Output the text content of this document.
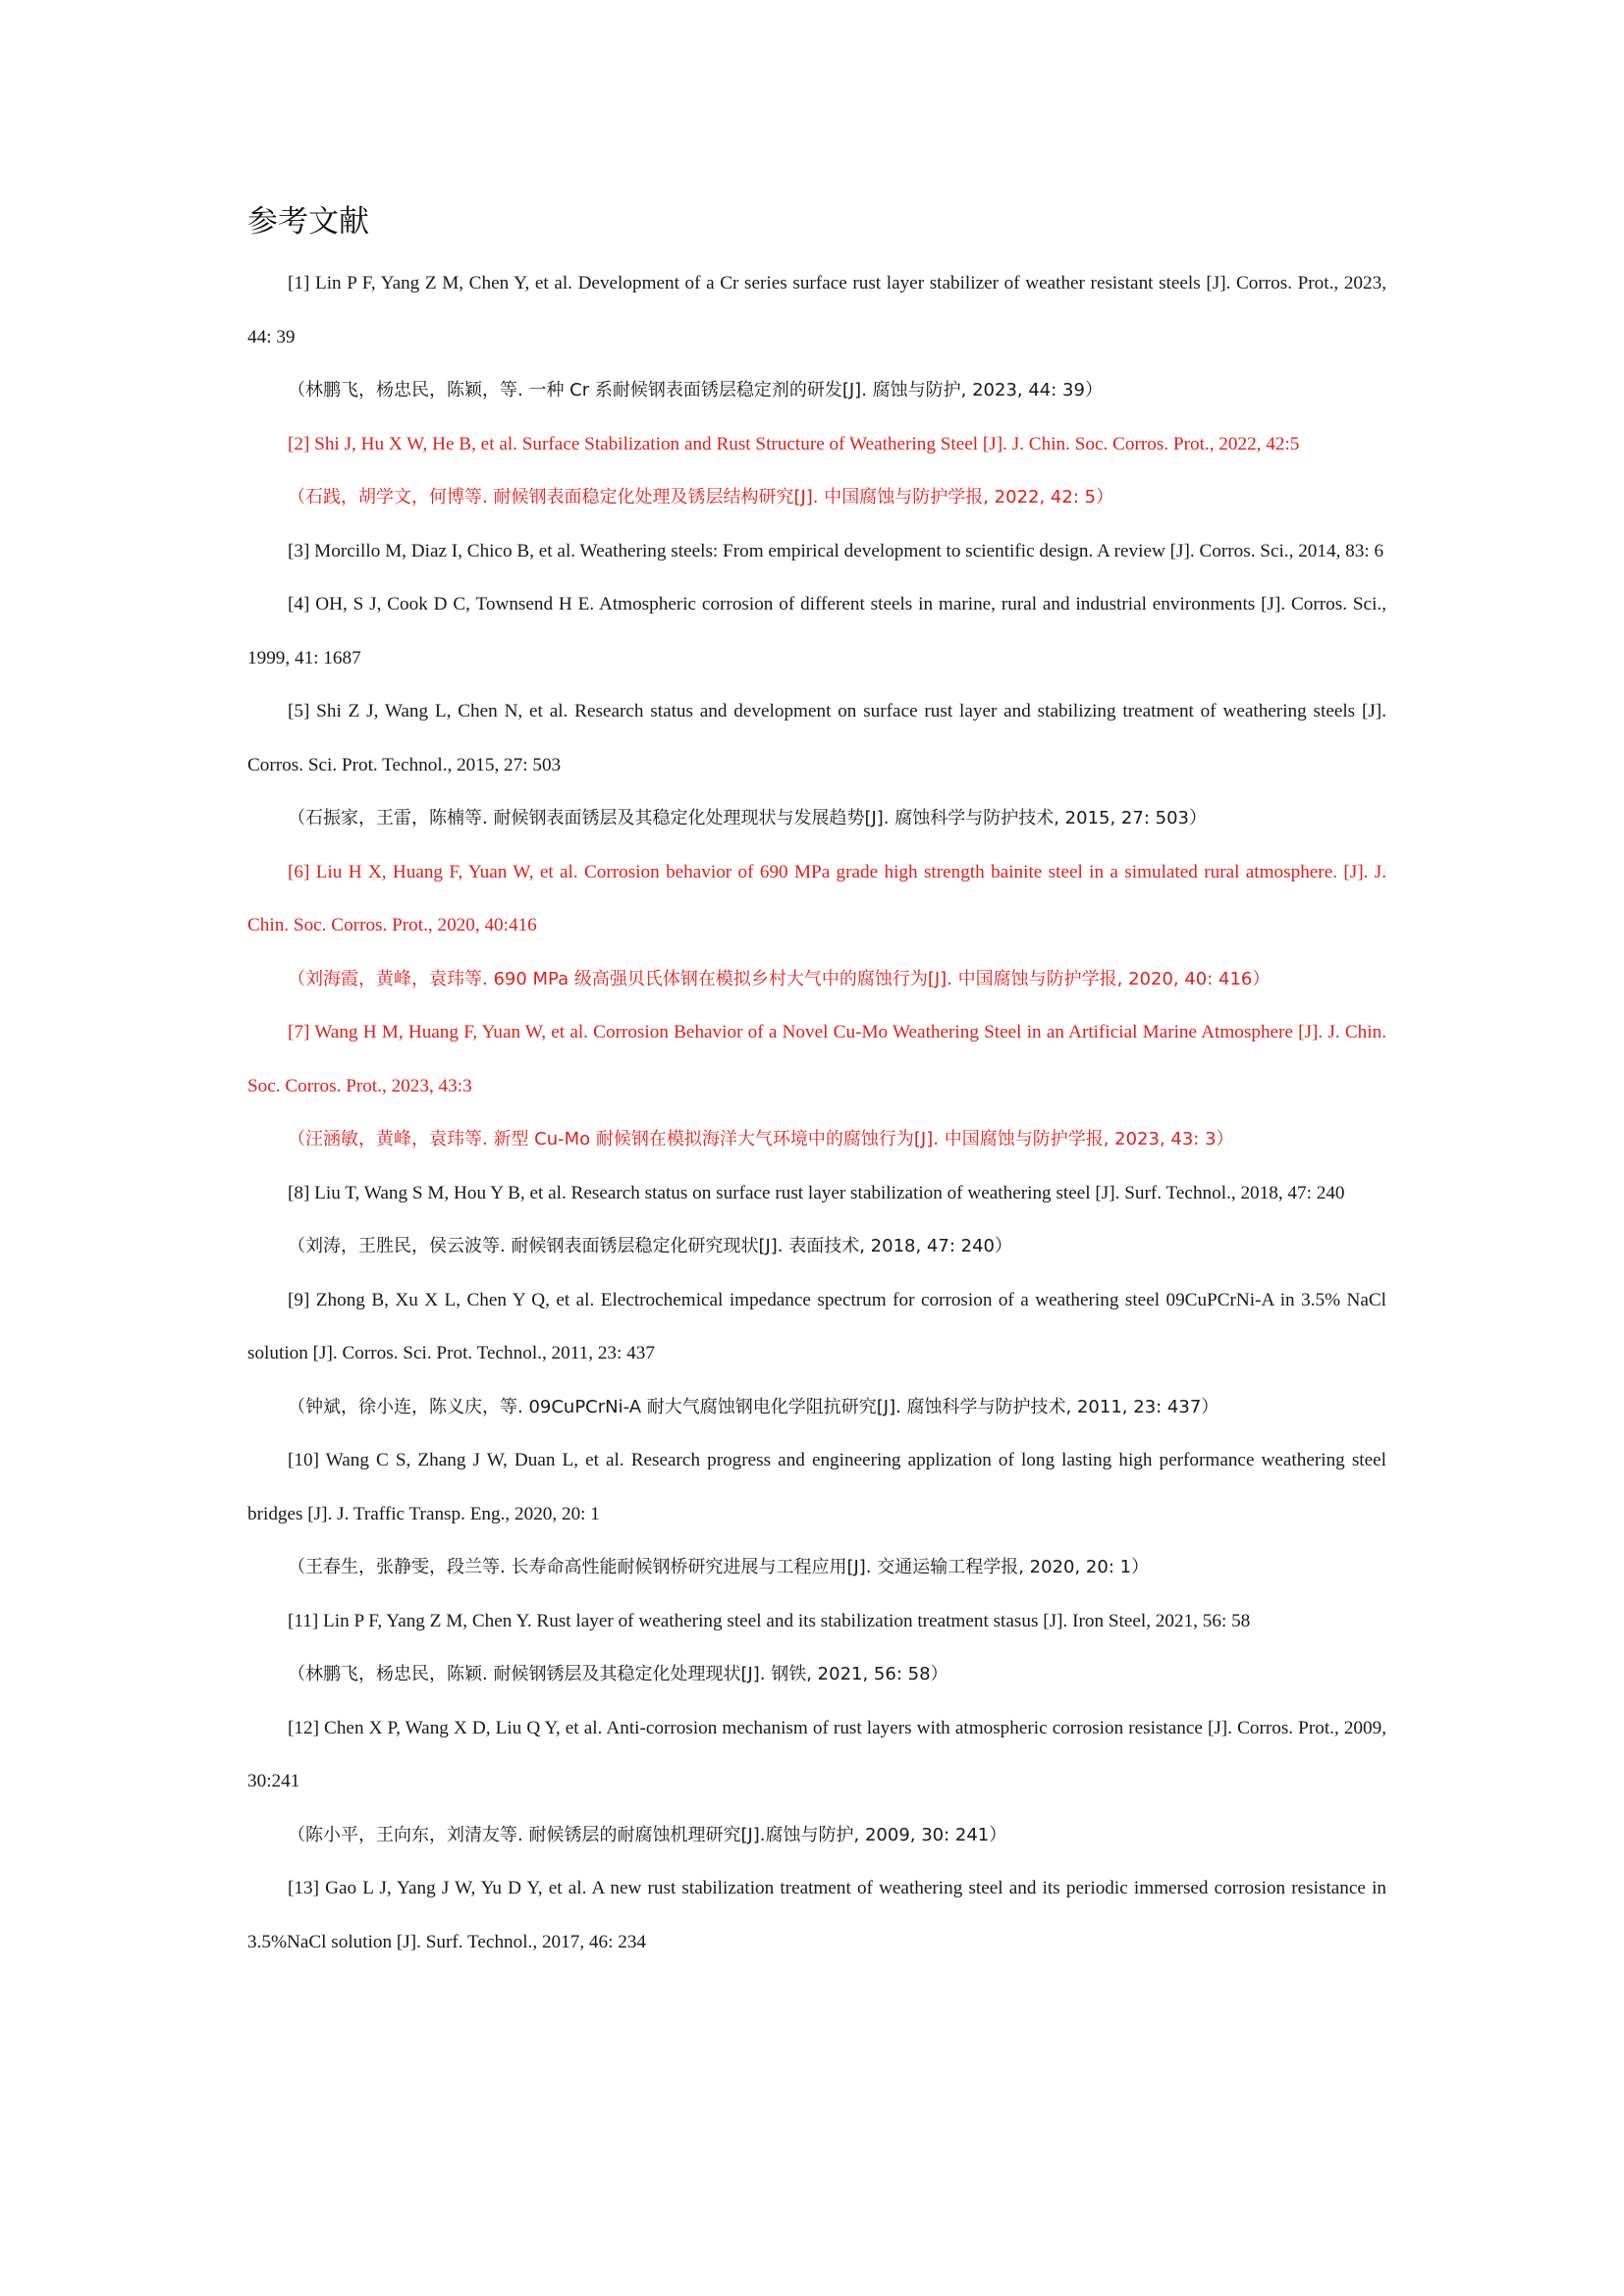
参考文献
[1] Lin P F, Yang Z M, Chen Y, et al. Development of a Cr series surface rust layer stabilizer of weather resistant steels [J]. Corros. Prot., 2023, 44: 39
（林鹏飞，杨忠民，陈颖，等. 一种 Cr 系耐候钢表面锈层稳定剂的研发[J]. 腐蚀与防护, 2023, 44: 39）
[2] Shi J, Hu X W, He B, et al. Surface Stabilization and Rust Structure of Weathering Steel [J]. J. Chin. Soc. Corros. Prot., 2022, 42:5
（石践，胡学文，何博等. 耐候钢表面稳定化处理及锈层结构研究[J]. 中国腐蚀与防护学报, 2022, 42: 5）
[3] Morcillo M, Diaz I, Chico B, et al. Weathering steels: From empirical development to scientific design. A review [J]. Corros. Sci., 2014, 83: 6
[4] OH, S J, Cook D C, Townsend H E. Atmospheric corrosion of different steels in marine, rural and industrial environments [J]. Corros. Sci., 1999, 41: 1687
[5] Shi Z J, Wang L, Chen N, et al. Research status and development on surface rust layer and stabilizing treatment of weathering steels [J]. Corros. Sci. Prot. Technol., 2015, 27: 503
（石振家，王雷，陈楠等. 耐候钢表面锈层及其稳定化处理现状与发展趋势[J]. 腐蚀科学与防护技术, 2015, 27: 503）
[6] Liu H X, Huang F, Yuan W, et al. Corrosion behavior of 690 MPa grade high strength bainite steel in a simulated rural atmosphere. [J]. J. Chin. Soc. Corros. Prot., 2020, 40:416
（刘海霞，黄峰，袁玮等. 690 MPa 级高强贝氏体钢在模拟乡村大气中的腐蚀行为[J]. 中国腐蚀与防护学报, 2020, 40: 416）
[7] Wang H M, Huang F, Yuan W, et al. Corrosion Behavior of a Novel Cu-Mo Weathering Steel in an Artificial Marine Atmosphere [J]. J. Chin. Soc. Corros. Prot., 2023, 43:3
（汪涵敏，黄峰，袁玮等. 新型 Cu-Mo 耐候钢在模拟海洋大气环境中的腐蚀行为[J]. 中国腐蚀与防护学报, 2023, 43: 3）
[8] Liu T, Wang S M, Hou Y B, et al. Research status on surface rust layer stabilization of weathering steel [J]. Surf. Technol., 2018, 47: 240
（刘涛，王胜民，侯云波等. 耐候钢表面锈层稳定化研究现状[J]. 表面技术, 2018, 47: 240）
[9] Zhong B, Xu X L, Chen Y Q, et al. Electrochemical impedance spectrum for corrosion of a weathering steel 09CuPCrNi-A in 3.5% NaCl solution [J]. Corros. Sci. Prot. Technol., 2011, 23: 437
（钟斌，徐小连，陈义庆，等. 09CuPCrNi-A 耐大气腐蚀钢电化学阻抗研究[J]. 腐蚀科学与防护技术, 2011, 23: 437）
[10] Wang C S, Zhang J W, Duan L, et al. Research progress and engineering applization of long lasting high performance weathering steel bridges [J]. J. Traffic Transp. Eng., 2020, 20: 1
（王春生，张静雯，段兰等. 长寿命高性能耐候钢桥研究进展与工程应用[J]. 交通运输工程学报, 2020, 20: 1）
[11] Lin P F, Yang Z M, Chen Y. Rust layer of weathering steel and its stabilization treatment stasus [J]. Iron Steel, 2021, 56: 58
（林鹏飞，杨忠民，陈颖. 耐候钢锈层及其稳定化处理现状[J]. 钢铁, 2021, 56: 58）
[12] Chen X P, Wang X D, Liu Q Y, et al. Anti-corrosion mechanism of rust layers with atmospheric corrosion resistance [J]. Corros. Prot., 2009, 30:241
（陈小平，王向东，刘清友等. 耐候锈层的耐腐蚀机理研究[J].腐蚀与防护, 2009, 30: 241）
[13] Gao L J, Yang J W, Yu D Y, et al. A new rust stabilization treatment of weathering steel and its periodic immersed corrosion resistance in 3.5%NaCl solution [J]. Surf. Technol., 2017, 46: 234
